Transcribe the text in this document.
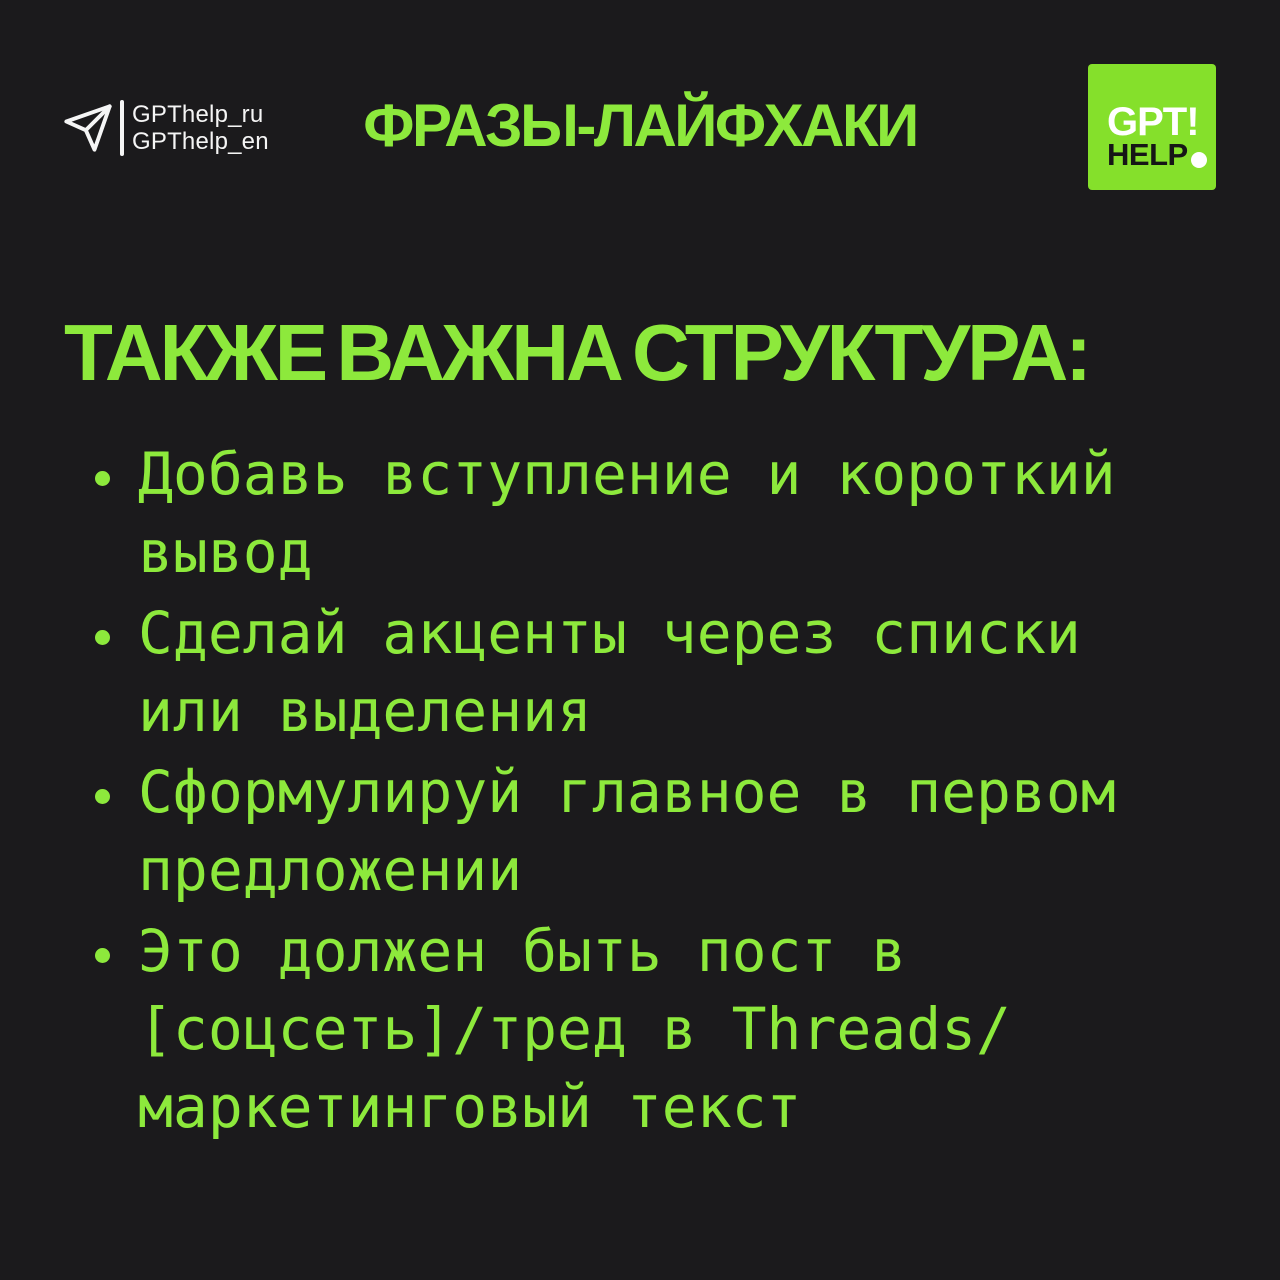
GPThelp_ru
GPThelp_en ФРАЗЫ-ЛАЙФХАКИ	GPT!
HELP
ТАКЖЕ ВАЖНА СТРУКТУРА:
Добавь вступление и короткий вывод
Сделай акценты через списки или выделения
Сформулируй главное в первом предложении
Это должен быть пост в [соцсеть]/тред в Threads/маркетинговый текст
